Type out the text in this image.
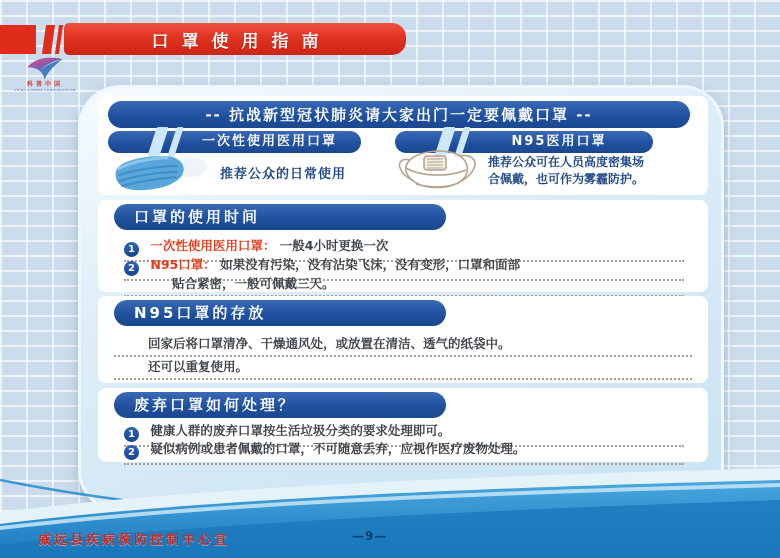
口罩使用指南
科普中国
CHINA SCIENCE COMMUNICATION
-- 抗战新型冠状肺炎请大家出门一定要佩戴口罩 --
一次性使用医用口罩	N95医用口罩
推荐公众的日常使用
推荐公众可在人员高度密集场
合佩戴，也可作为雾霾防护。
口罩的使用时间
1 一次性使用医用口罩： 一般4小时更换一次
2 N95口罩： 如果没有污染，没有沾染飞沫，没有变形，口罩和面部
贴合紧密，一般可佩戴三天。
N95口罩的存放
回家后将口罩清净、干燥通风处，或放置在清洁、透气的纸袋中。
还可以重复使用。
废弃口罩如何处理？
1 健康人群的废弃口罩按生活垃圾分类的要求处理即可。
2 疑似病例或患者佩戴的口罩，不可随意丢弃，应视作医疗废物处理。
威远县疾病预防控制中心宣	—9—
